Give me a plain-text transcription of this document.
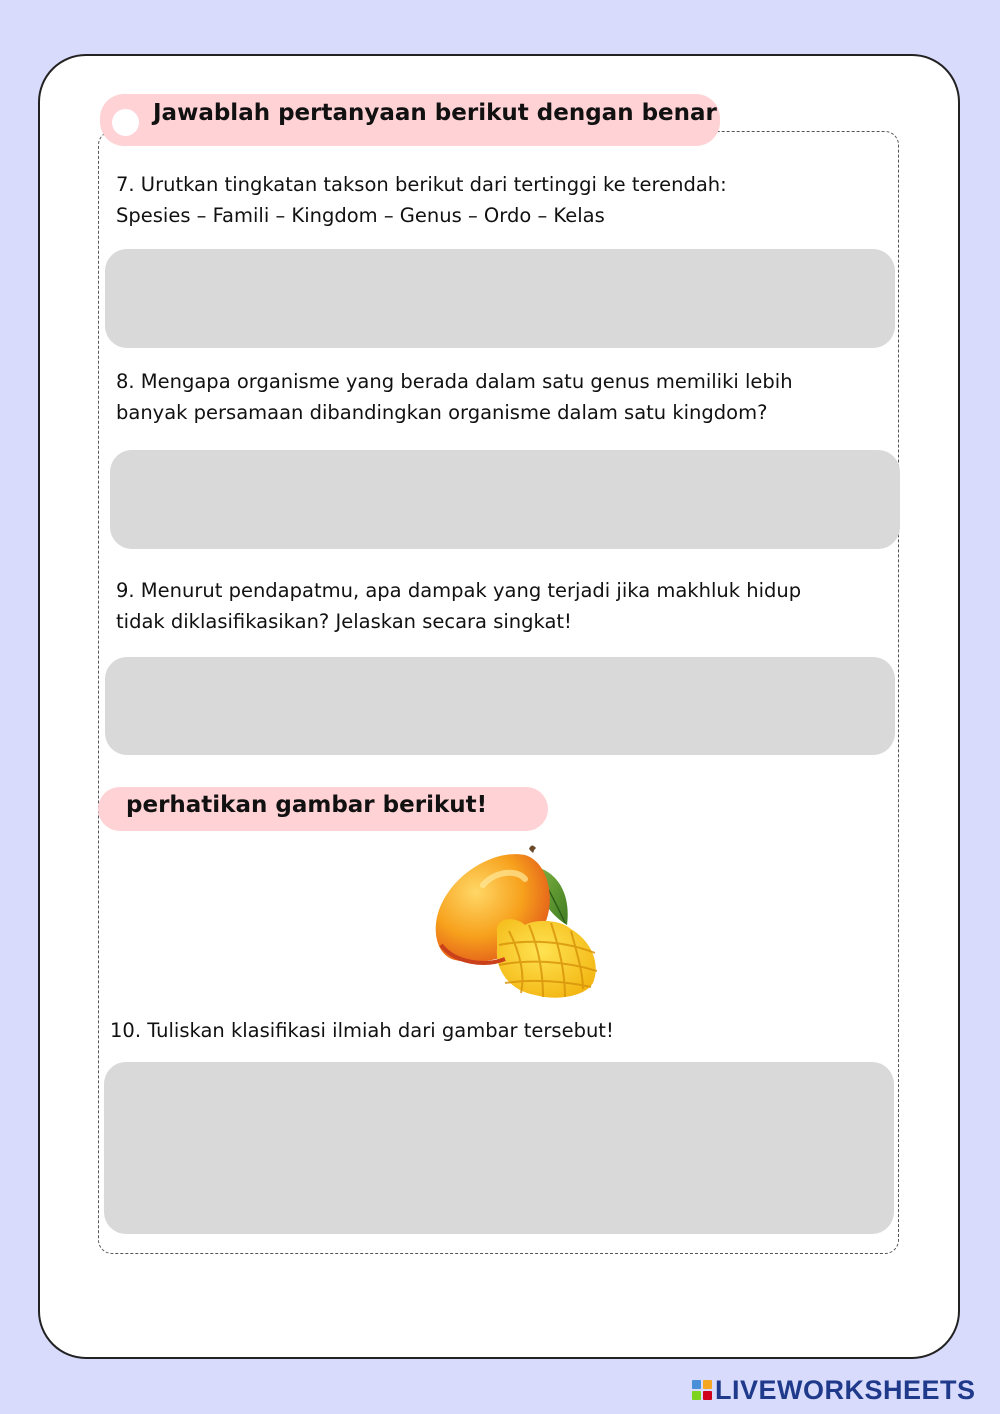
Jawablah pertanyaan berikut dengan benar
7. Urutkan tingkatan takson berikut dari tertinggi ke terendah:
Spesies – Famili – Kingdom – Genus – Ordo – Kelas
8. Mengapa organisme yang berada dalam satu genus memiliki lebih
banyak persamaan dibandingkan organisme dalam satu kingdom?
9. Menurut pendapatmu, apa dampak yang terjadi jika makhluk hidup
tidak diklasifikasikan? Jelaskan secara singkat!
perhatikan gambar berikut!
10. Tuliskan klasifikasi ilmiah dari gambar tersebut!
LIVEWORKSHEETS
